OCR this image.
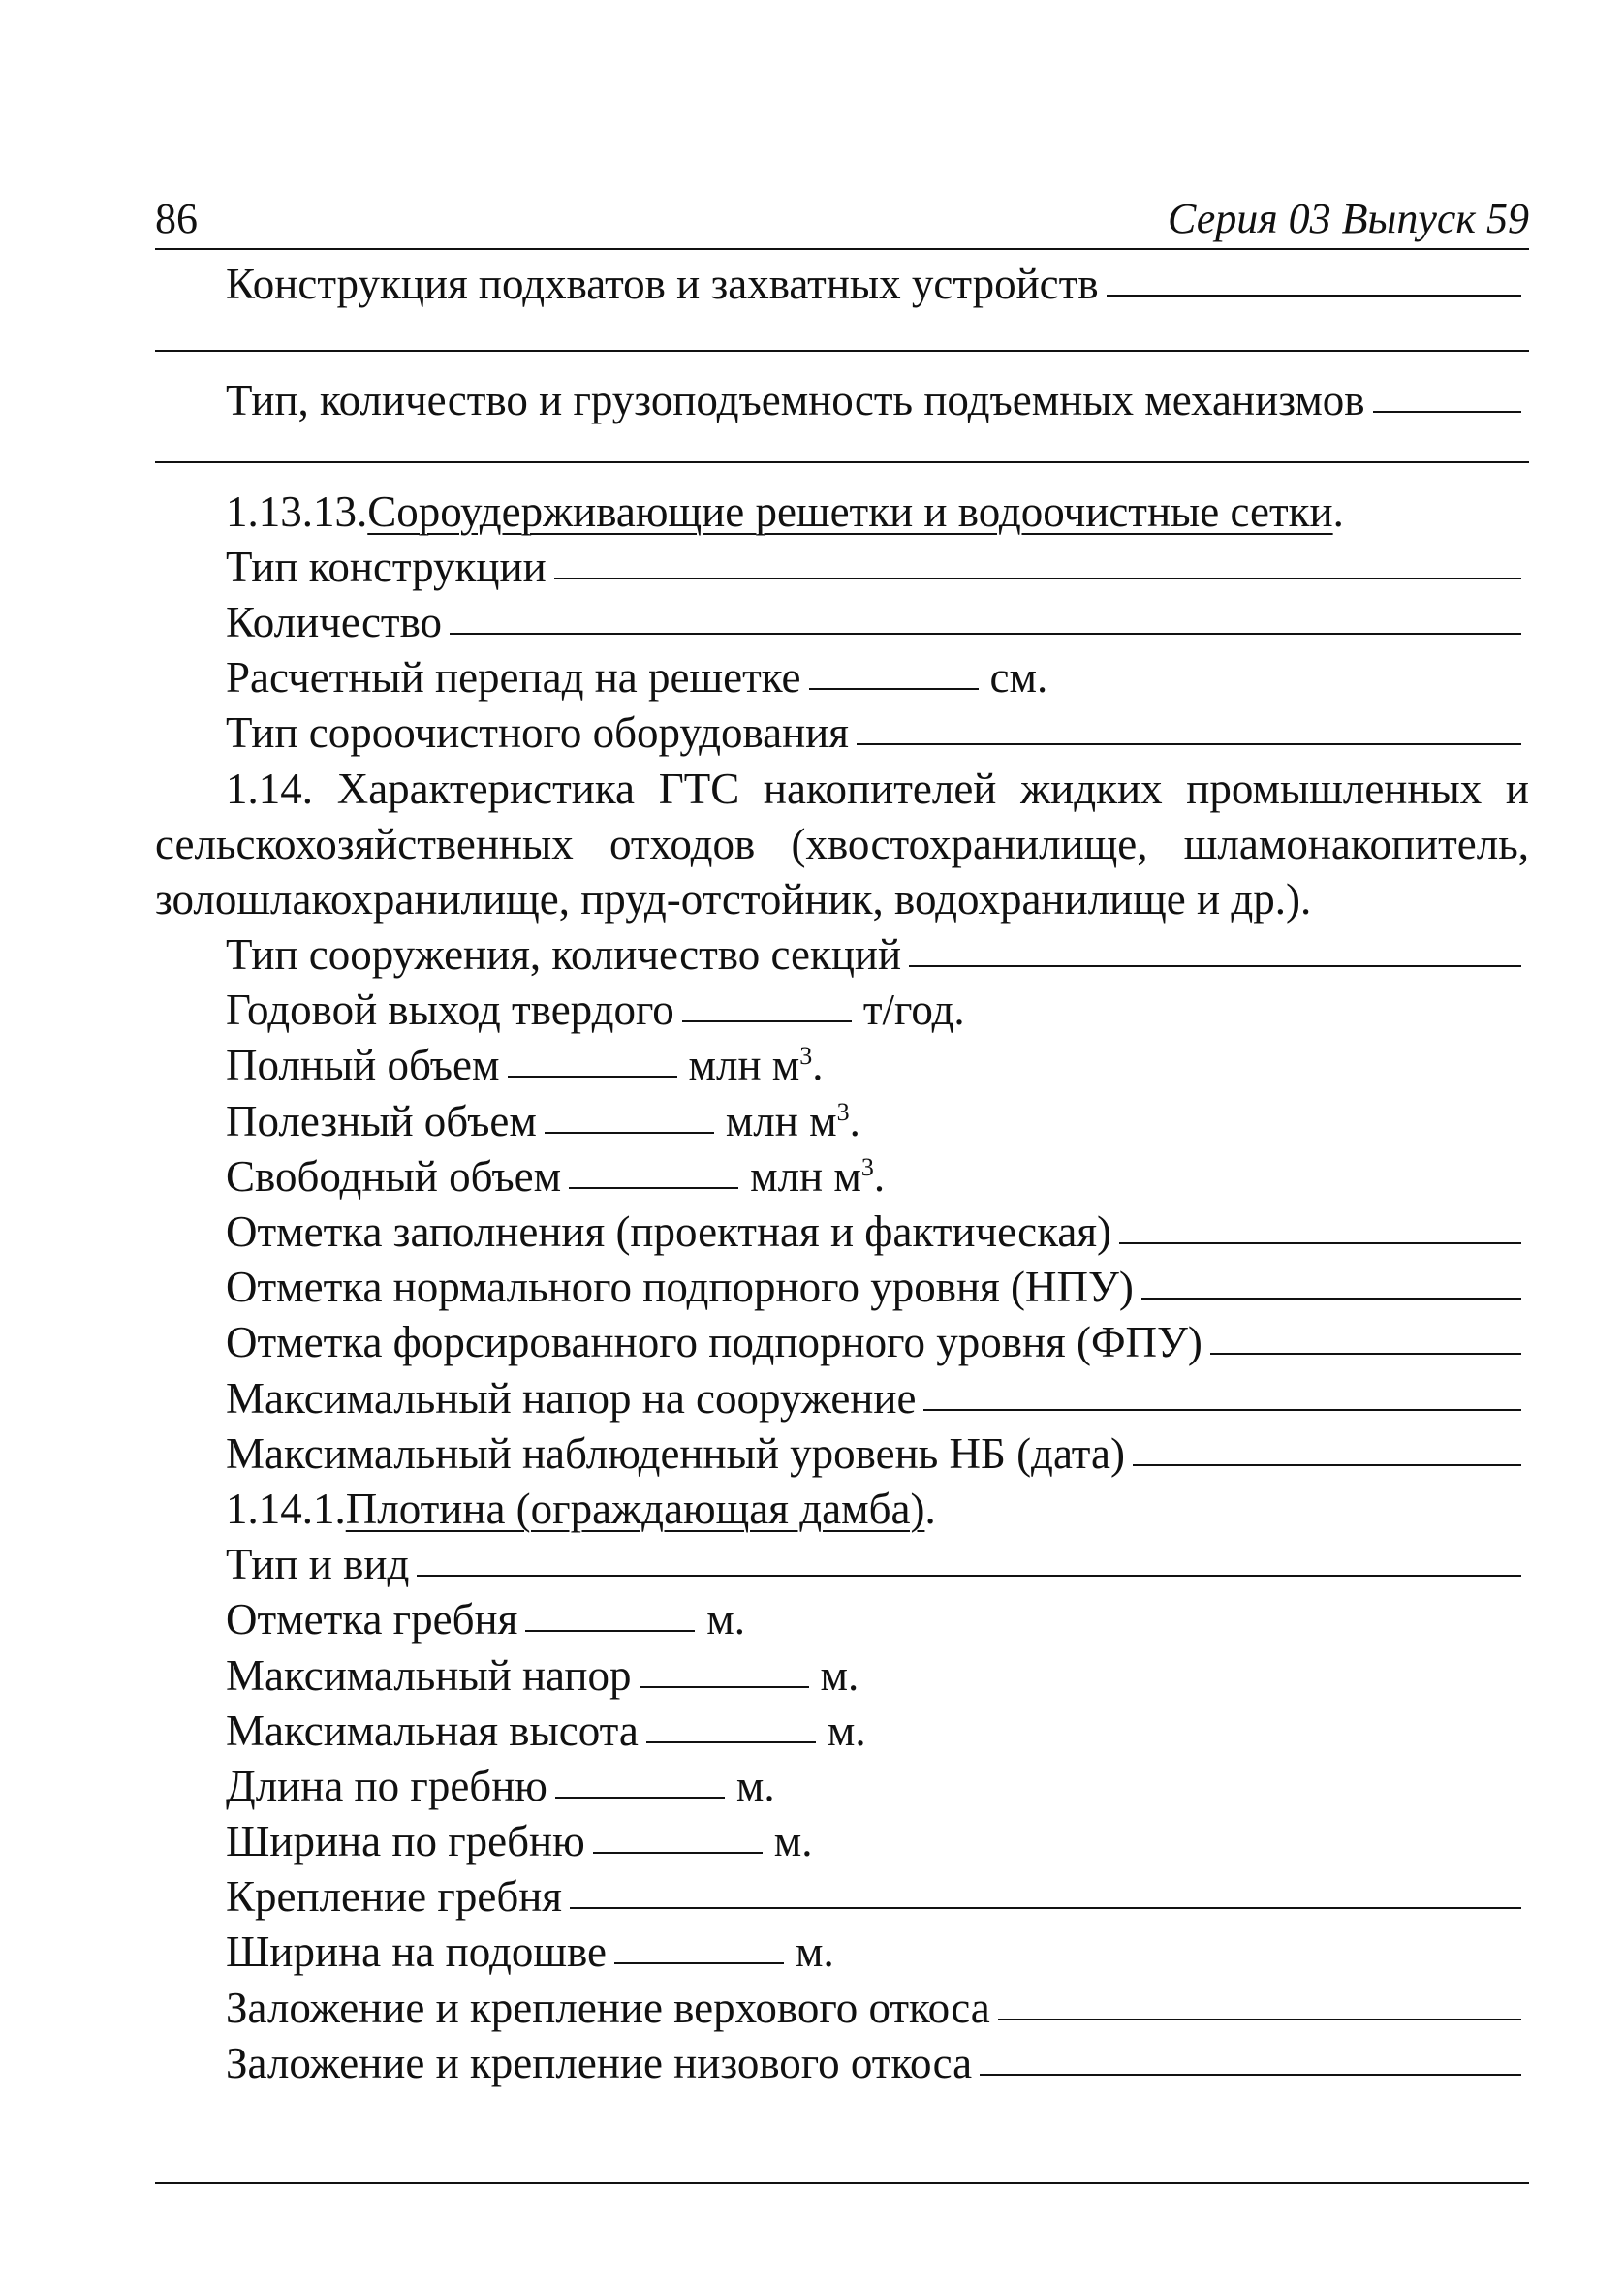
86	Серия 03 Выпуск 59
Конструкция подхватов и захватных устройств
Тип, количество и грузоподъемность подъемных механизмов
1.13.13. Сороудерживающие решетки и водоочистные сетки .
Тип конструкции
Количество
Расчетный перепад на решетке	см.
Тип сороочистного оборудования
1.14. Характеристика ГТС накопителей жидких промышленных и сельскохозяйственных отходов (хвостохранилище, шламонакопитель, золошлакохранилище, пруд-отстойник, водохранилище и др.).
Тип сооружения, количество секций
Годовой выход твердого	т/год.
Полный объем	млн $м^3$.
Полезный объем	млн $м^3$.
Свободный объем	млн $м^3$.
Отметка заполнения (проектная и фактическая)
Отметка нормального подпорного уровня (НПУ)
Отметка форсированного подпорного уровня (ФПУ)
Максимальный напор на сооружение
Максимальный наблюденный уровень НБ (дата)
1.14.1. Плотина (ограждающая дамба) .
Тип и вид
Отметка гребня	м.
Максимальный напор	м.
Максимальная высота	м.
Длина по гребню	м.
Ширина по гребню	м.
Крепление гребня
Ширина на подошве	м.
Заложение и крепление верхового откоса
Заложение и крепление низового откоса
